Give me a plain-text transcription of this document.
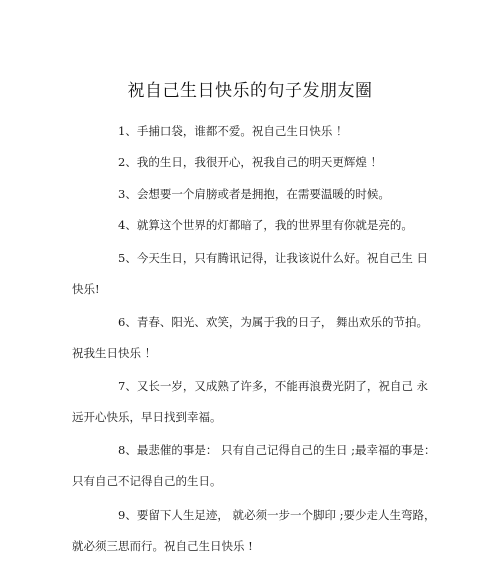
祝自己生日快乐的句子发朋友圈
1、手捕口袋，谁都不爱。祝自己生日快乐 ！
2、我的生日，我很开心，祝我自己的明天更辉煌 ！
3、会想要一个肩膀或者是拥抱，在需要温暖的时候。
4、就算这个世界的灯都暗了，我的世界里有你就是亮的。
5、今天生日，只有腾讯记得，让我该说什么好。祝自己生 日
快乐!
6、青春、阳光、欢笑，为属于我的日子， 舞出欢乐的节拍。
祝我生日快乐 ！
7、又长一岁，又成熟了许多，不能再浪费光阴了，祝自己 永
远开心快乐，早日找到幸福。
8、最悲催的事是： 只有自己记得自己的生日 ;最幸福的事是：
只有自己不记得自己的生日。
9、要留下人生足迹， 就必须一步一个脚印 ;要少走人生弯路，
就必须三思而行。祝自己生日快乐 !
